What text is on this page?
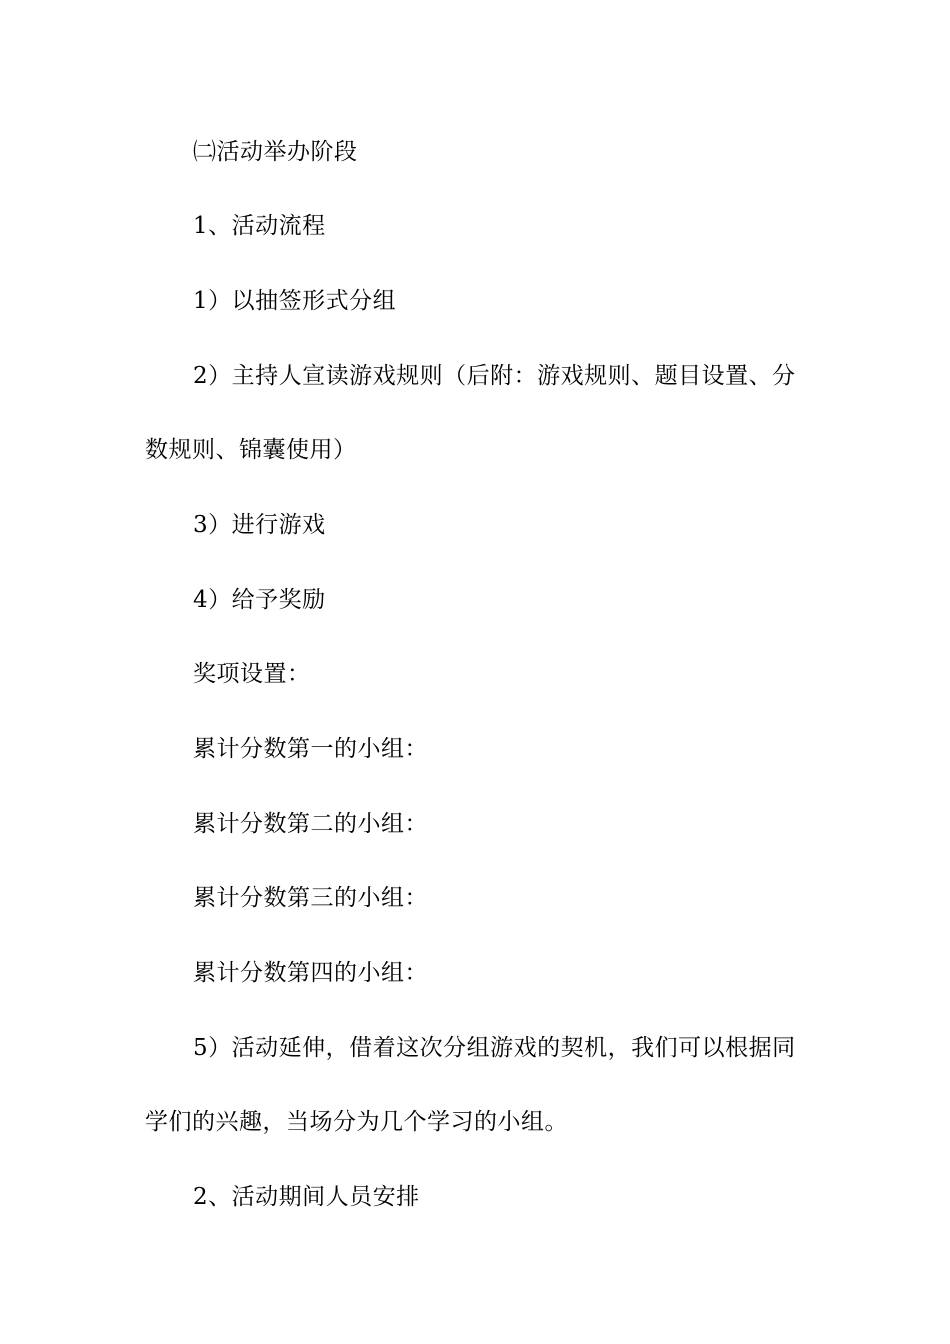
㈡活动举办阶段
1、活动流程
1）以抽签形式分组
2）主持人宣读游戏规则（后附：游戏规则、题目设置、分
数规则、锦囊使用）
3）进行游戏
4）给予奖励
奖项设置：
累计分数第一的小组：
累计分数第二的小组：
累计分数第三的小组：
累计分数第四的小组：
5）活动延伸，借着这次分组游戏的契机，我们可以根据同
学们的兴趣，当场分为几个学习的小组。
2、活动期间人员安排
